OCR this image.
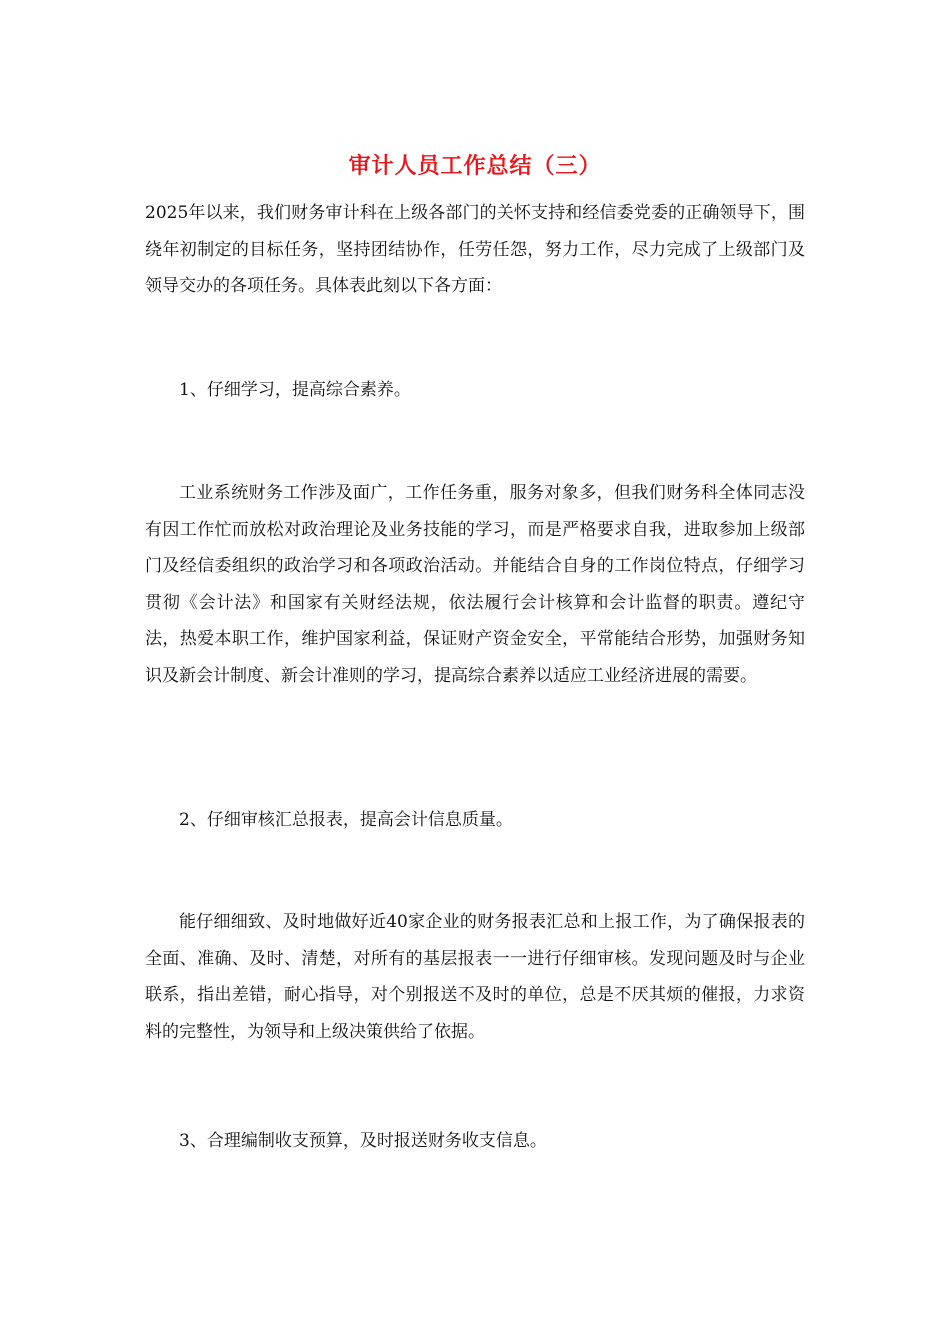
审计人员工作总结（三）

2025年以来，我们财务审计科在上级各部门的关怀支持和经信委党委的正确领导下，围绕年初制定的目标任务，坚持团结协作，任劳任怨，努力工作，尽力完成了上级部门及领导交办的各项任务。具体表此刻以下各方面：

1、仔细学习，提高综合素养。

工业系统财务工作涉及面广，工作任务重，服务对象多，但我们财务科全体同志没有因工作忙而放松对政治理论及业务技能的学习，而是严格要求自我，进取参加上级部门及经信委组织的政治学习和各项政治活动。并能结合自身的工作岗位特点，仔细学习贯彻《会计法》和国家有关财经法规，依法履行会计核算和会计监督的职责。遵纪守法，热爱本职工作，维护国家利益，保证财产资金安全，平常能结合形势，加强财务知识及新会计制度、新会计准则的学习，提高综合素养以适应工业经济进展的需要。

2、仔细审核汇总报表，提高会计信息质量。

能仔细细致、及时地做好近40家企业的财务报表汇总和上报工作，为了确保报表的全面、准确、及时、清楚，对所有的基层报表一一进行仔细审核。发现问题及时与企业联系，指出差错，耐心指导，对个别报送不及时的单位，总是不厌其烦的催报，力求资料的完整性，为领导和上级决策供给了依据。

3、合理编制收支预算，及时报送财务收支信息。
